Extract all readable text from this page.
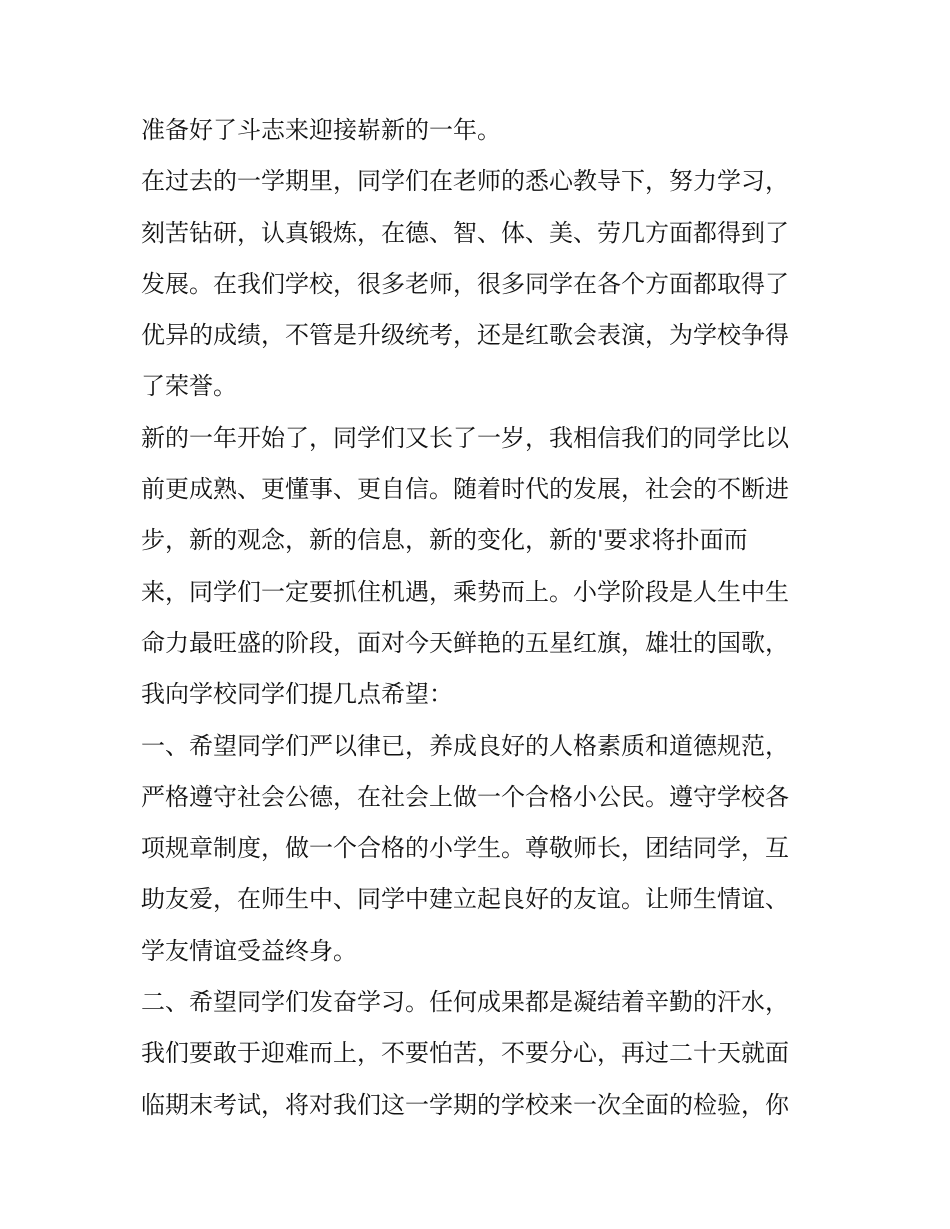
准备好了斗志来迎接崭新的一年。
在过去的一学期里，同学们在老师的悉心教导下，努力学习，
刻苦钻研，认真锻炼，在德、智、体、美、劳几方面都得到了
发展。在我们学校，很多老师，很多同学在各个方面都取得了
优异的成绩，不管是升级统考，还是红歌会表演，为学校争得
了荣誉。
新的一年开始了，同学们又长了一岁，我相信我们的同学比以
前更成熟、更懂事、更自信。随着时代的发展，社会的不断进
步，新的观念，新的信息，新的变化，新的'要求将扑面而
来，同学们一定要抓住机遇，乘势而上。小学阶段是人生中生
命力最旺盛的阶段，面对今天鲜艳的五星红旗，雄壮的国歌，
我向学校同学们提几点希望：
一、希望同学们严以律已，养成良好的人格素质和道德规范，
严格遵守社会公德，在社会上做一个合格小公民。遵守学校各
项规章制度，做一个合格的小学生。尊敬师长，团结同学，互
助友爱，在师生中、同学中建立起良好的友谊。让师生情谊、
学友情谊受益终身。
二、希望同学们发奋学习。任何成果都是凝结着辛勤的汗水，
我们要敢于迎难而上，不要怕苦，不要分心，再过二十天就面
临期末考试，将对我们这一学期的学校来一次全面的检验，你
